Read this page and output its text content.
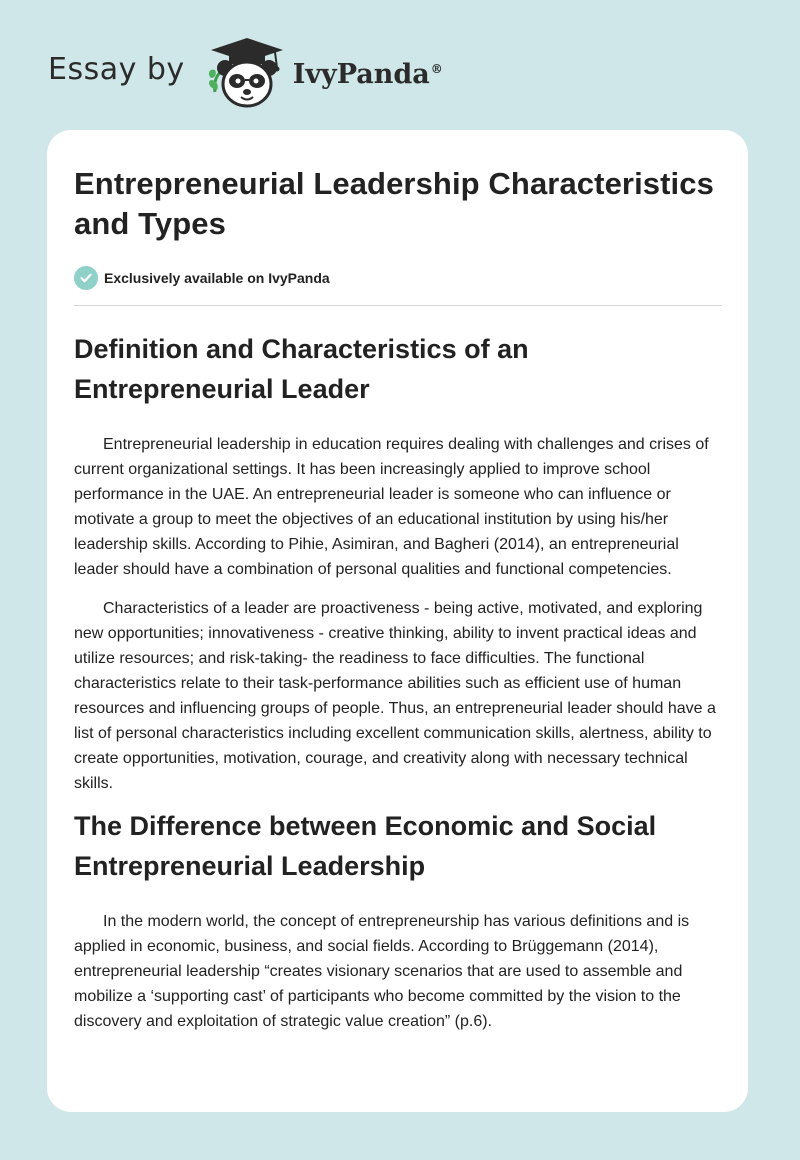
Essay by	IvyPanda®
Entrepreneurial Leadership Characteristics and Types
Exclusively available on IvyPanda
Definition and Characteristics of an Entrepreneurial Leader

Entrepreneurial leadership in education requires dealing with challenges and crises of current organizational settings. It has been increasingly applied to improve school performance in the UAE. An entrepreneurial leader is someone who can influence or motivate a group to meet the objectives of an educational institution by using his/her leadership skills. According to Pihie, Asimiran, and Bagheri (2014), an entrepreneurial leader should have a combination of personal qualities and functional competencies.

Characteristics of a leader are proactiveness - being active, motivated, and exploring new opportunities; innovativeness - creative thinking, ability to invent practical ideas and utilize resources; and risk-taking- the readiness to face difficulties. The functional characteristics relate to their task-performance abilities such as efficient use of human resources and influencing groups of people. Thus, an entrepreneurial leader should have a list of personal characteristics including excellent communication skills, alertness, ability to create opportunities, motivation, courage, and creativity along with necessary technical skills.

The Difference between Economic and Social Entrepreneurial Leadership

In the modern world, the concept of entrepreneurship has various definitions and is applied in economic, business, and social fields. According to Brüggemann (2014), entrepreneurial leadership “creates visionary scenarios that are used to assemble and mobilize a ‘supporting cast’ of participants who become committed by the vision to the discovery and exploitation of strategic value creation” (p.6).
